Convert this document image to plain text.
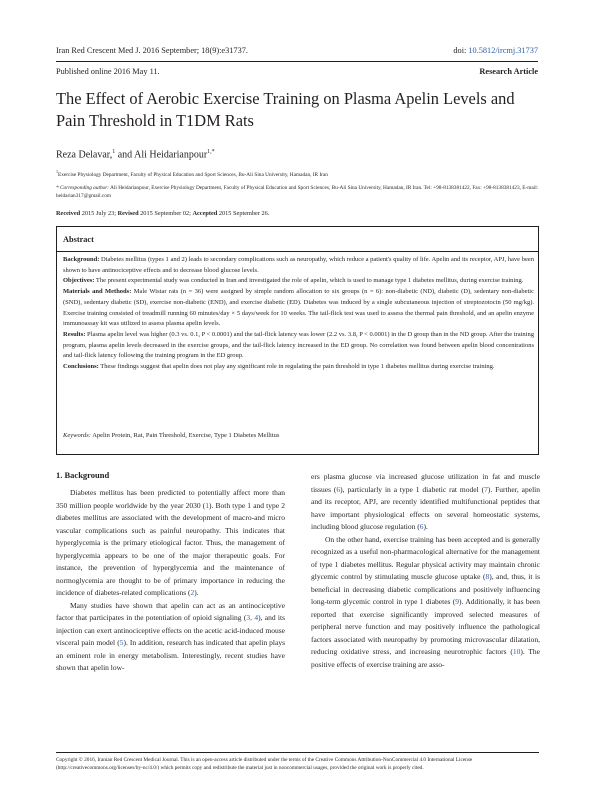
Iran Red Crescent Med J. 2016 September; 18(9):e31737.	doi: 10.5812/ircmj.31737
Published online 2016 May 11.	Research Article
The Effect of Aerobic Exercise Training on Plasma Apelin Levels and Pain Threshold in T1DM Rats
Reza Delavar,$^1$ and Ali Heidarianpour$^{1,*}$
$^1$Exercise Physiology Department, Faculty of Physical Education and Sport Sciences, Bu-Ali Sina University, Hamadan, IR Iran
* Corresponding author: Ali Heidarianpour, Exercise Physiology Department, Faculty of Physical Education and Sport Sciences, Bu-Ali Sina University, Hamadan, IR Iran. Tel: +98-8138381422, Fax: +98-8138381423, E-mail: heidarian317@gmail.com
Received 2015 July 23; Revised 2015 September 02; Accepted 2015 September 26.
Abstract

Background: Diabetes mellitus (types 1 and 2) leads to secondary complications such as neuropathy, which reduce a patient's quality of life. Apelin and its receptor, APJ, have been shown to have antinociceptive effects and to decrease blood glucose levels.

Objectives: The present experimental study was conducted in Iran and investigated the role of apelin, which is used to manage type 1 diabetes mellitus, during exercise training.

Materials and Methods: Male Wistar rats (n = 36) were assigned by simple random allocation to six groups (n = 6): non-diabetic (ND), diabetic (D), sedentary non-diabetic (SND), sedentary diabetic (SD), exercise non-diabetic (END), and exercise diabetic (ED). Diabetes was induced by a single subcutaneous injection of streptozotocin (50 mg/kg). Exercise training consisted of treadmill running 60 minutes/day × 5 days/week for 10 weeks. The tail-flick test was used to assess the thermal pain threshold, and an apelin enzyme immunoassay kit was utilized to assess plasma apelin levels.

Results: Plasma apelin level was higher (0.3 vs. 0.1, P < 0.0001) and the tail-flick latency was lower (2.2 vs. 3.8, P < 0.0001) in the D group than in the ND group. After the training program, plasma apelin levels decreased in the exercise groups, and the tail-flick latency increased in the ED group. No correlation was found between apelin blood concentrations and tail-flick latency following the training program in the ED group.

Conclusions: These findings suggest that apelin does not play any significant role in regulating the pain threshold in type 1 diabetes mellitus during exercise training.

Keywords: Apelin Protein, Rat, Pain Threshold, Exercise, Type 1 Diabetes Mellitus
1. Background

Diabetes mellitus has been predicted to potentially affect more than 350 million people worldwide by the year 2030 (1). Both type 1 and type 2 diabetes mellitus are associated with the development of macro-and micro vascular complications such as painful neuropathy. This indicates that hyperglycemia is the primary etiological factor. Thus, the management of hyperglycemia appears to be one of the major therapeutic goals. For instance, the prevention of hyperglycemia and the maintenance of normoglycemia are thought to be of primary importance in reducing the incidence of diabetes-related complications (2).

Many studies have shown that apelin can act as an antinociceptive factor that participates in the potentiation of opioid signaling (3, 4), and its injection can exert antinociceptive effects on the acetic acid-induced mouse visceral pain model (5). In addition, research has indicated that apelin plays an eminent role in energy metabolism. Interestingly, recent studies have shown that apelin low-

ers plasma glucose via increased glucose utilization in fat and muscle tissues (6), particularly in a type 1 diabetic rat model (7). Further, apelin and its receptor, APJ, are recently identified multifunctional peptides that have important physiological effects on several homeostatic systems, including blood glucose regulation (6).

On the other hand, exercise training has been accepted and is generally recognized as a useful non-pharmacological alternative for the management of type 1 diabetes mellitus. Regular physical activity may maintain chronic glycemic control by stimulating muscle glucose uptake (8), and, thus, it is beneficial in decreasing diabetic complications and positively influencing long-term glycemic control in type 1 diabetes (9). Additionally, it has been reported that exercise significantly improved selected measures of peripheral nerve function and may positively influence the pathological factors associated with neuropathy by promoting microvascular dilatation, reducing oxidative stress, and increasing neurotrophic factors (10). The positive effects of exercise training are asso-

Copyright © 2016, Iranian Red Crescent Medical Journal. This is an open-access article distributed under the terms of the Creative Commons Attribution-NonCommercial 4.0 International License (http://creativecommons.org/licenses/by-nc/4.0/) which permits copy and redistribute the material just in noncommercial usages, provided the original work is properly cited.
